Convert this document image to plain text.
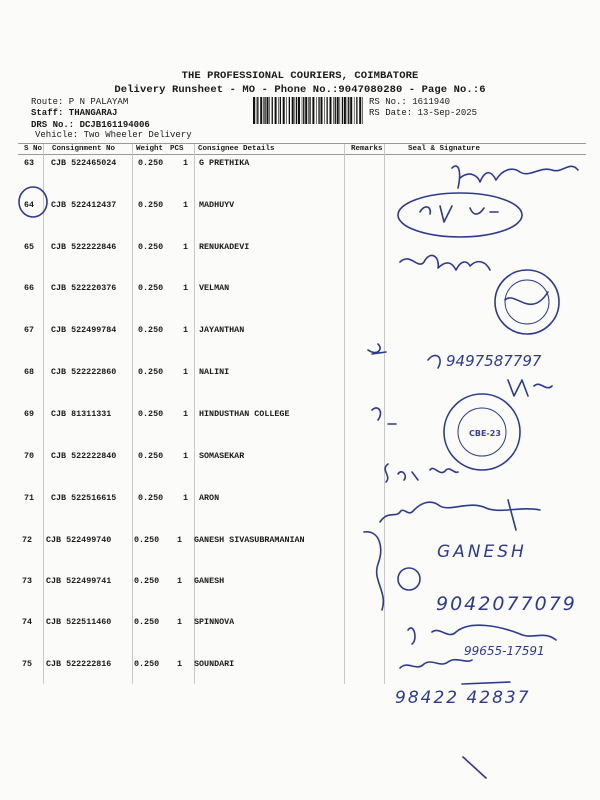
THE PROFESSIONAL COURIERS, COIMBATORE
Delivery Runsheet - MO - Phone No.:9047080280 - Page No.:6
Route: P N PALAYAM
Staff: THANGARAJ
DRS No.: DCJB161194006
Vehicle: Two Wheeler Delivery
RS No.: 1611940
RS Date: 13-Sep-2025
S No Consignment No	Weight PCS Consignee Details	Remarks	Seal & Signature
63 CJB 522465024	0.250 1 G PRETHIKA
64 CJB 522412437	0.250 1 MADHUYV
65 CJB 522222846	0.250 1 RENUKADEVI
66 CJB 522220376	0.250 1 VELMAN
67 CJB 522499784	0.250 1 JAYANTHAN
68 CJB 522222860	0.250 1 NALINI
69 CJB 81311331	0.250 1 HINDUSTHAN COLLEGE
70 CJB 522222840	0.250 1 SOMASEKAR
71 CJB 522516615	0.250 1 ARON
72 CJB 522499740	0.250 1 GANESH SIVASUBRAMANIAN
73 CJB 522499741	0.250 1 GANESH
74 CJB 522511460	0.250 1 SPINNOVA
75 CJB 522222816	0.250 1 SOUNDARI
9497587797
GANESH
9042077079
99655-17591
98422 42837
CBE-23
